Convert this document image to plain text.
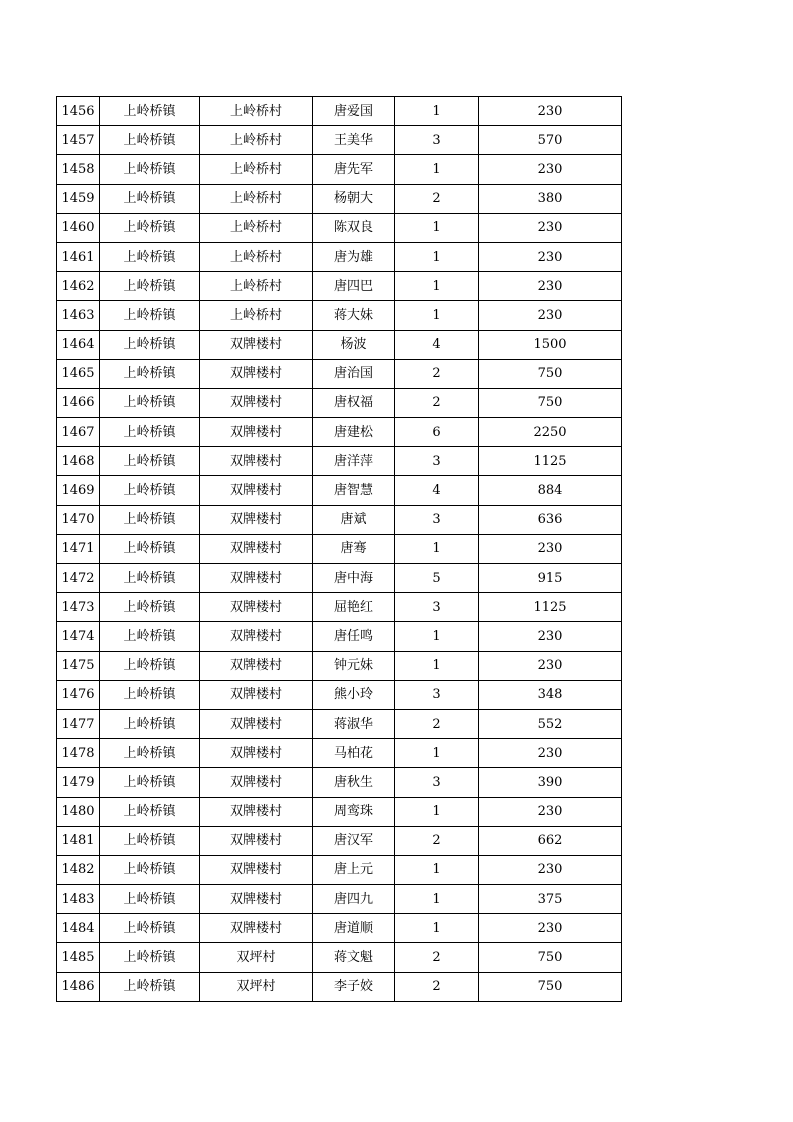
1456	上岭桥镇	上岭桥村	唐爱国	1	230
1457	上岭桥镇	上岭桥村	王美华	3	570
1458	上岭桥镇	上岭桥村	唐先军	1	230
1459	上岭桥镇	上岭桥村	杨朝大	2	380
1460	上岭桥镇	上岭桥村	陈双良	1	230
1461	上岭桥镇	上岭桥村	唐为雄	1	230
1462	上岭桥镇	上岭桥村	唐四巴	1	230
1463	上岭桥镇	上岭桥村	蒋大妹	1	230
1464	上岭桥镇	双牌楼村	杨波	4	1500
1465	上岭桥镇	双牌楼村	唐治国	2	750
1466	上岭桥镇	双牌楼村	唐权福	2	750
1467	上岭桥镇	双牌楼村	唐建松	6	2250
1468	上岭桥镇	双牌楼村	唐洋萍	3	1125
1469	上岭桥镇	双牌楼村	唐智慧	4	884
1470	上岭桥镇	双牌楼村	唐斌	3	636
1471	上岭桥镇	双牌楼村	唐骞	1	230
1472	上岭桥镇	双牌楼村	唐中海	5	915
1473	上岭桥镇	双牌楼村	屈艳红	3	1125
1474	上岭桥镇	双牌楼村	唐任鸣	1	230
1475	上岭桥镇	双牌楼村	钟元妹	1	230
1476	上岭桥镇	双牌楼村	熊小玲	3	348
1477	上岭桥镇	双牌楼村	蒋淑华	2	552
1478	上岭桥镇	双牌楼村	马柏花	1	230
1479	上岭桥镇	双牌楼村	唐秋生	3	390
1480	上岭桥镇	双牌楼村	周鸾珠	1	230
1481	上岭桥镇	双牌楼村	唐汉军	2	662
1482	上岭桥镇	双牌楼村	唐上元	1	230
1483	上岭桥镇	双牌楼村	唐四九	1	375
1484	上岭桥镇	双牌楼村	唐道顺	1	230
1485	上岭桥镇	双坪村	蒋文魁	2	750
1486	上岭桥镇	双坪村	李子姣	2	750
